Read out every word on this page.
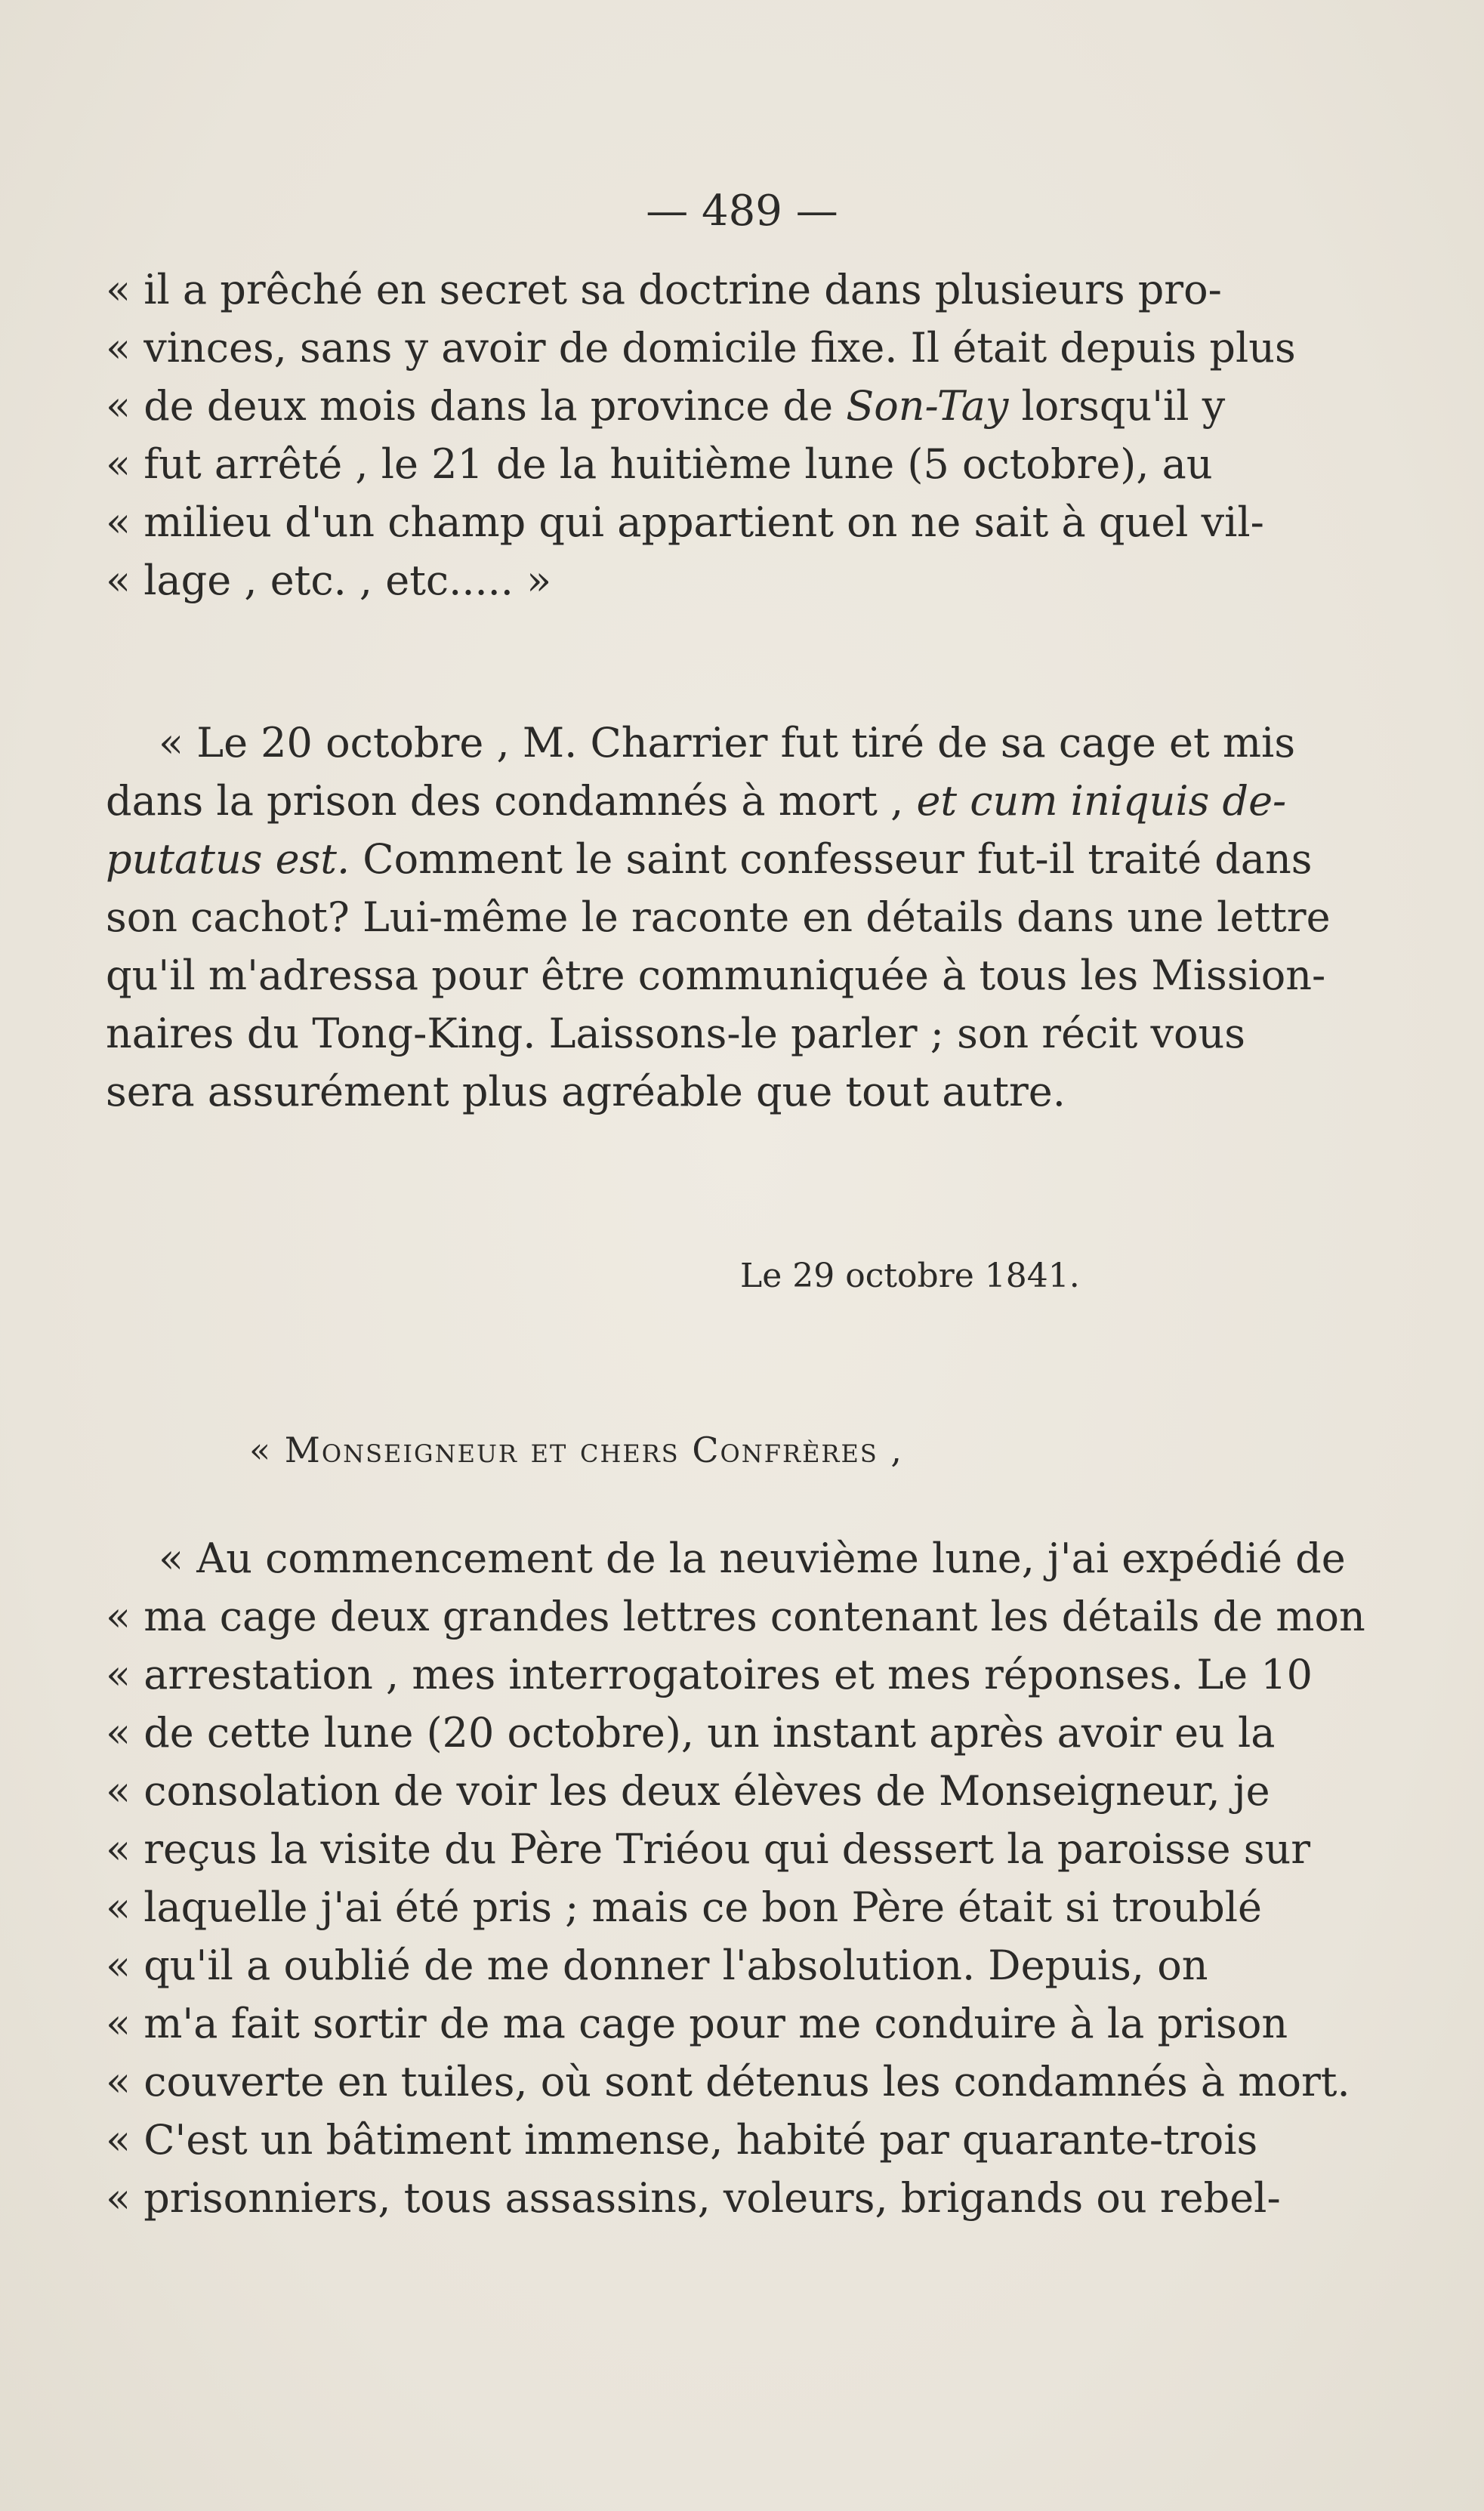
— 489 —
« il a prêché en secret sa doctrine dans plusieurs pro-
« vinces, sans y avoir de domicile fixe. Il était depuis plus
« de deux mois dans la province de Son-Tay lorsqu'il y
« fut arrêté , le 21 de la huitième lune (5 octobre), au
« milieu d'un champ qui appartient on ne sait à quel vil-
« lage , etc. , etc..... »
« Le 20 octobre , M. Charrier fut tiré de sa cage et mis
dans la prison des condamnés à mort , et cum iniquis de-
putatus est. Comment le saint confesseur fut-il traité dans
son cachot? Lui-même le raconte en détails dans une lettre
qu'il m'adressa pour être communiquée à tous les Mission-
naires du Tong-King. Laissons-le parler ; son récit vous
sera assurément plus agréable que tout autre.
Le 29 octobre 1841.
« Monseigneur et chers Confrères ,
« Au commencement de la neuvième lune, j'ai expédié de
« ma cage deux grandes lettres contenant les détails de mon
« arrestation , mes interrogatoires et mes réponses. Le 10
« de cette lune (20 octobre), un instant après avoir eu la
« consolation de voir les deux élèves de Monseigneur, je
« reçus la visite du Père Triéou qui dessert la paroisse sur
« laquelle j'ai été pris ; mais ce bon Père était si troublé
« qu'il a oublié de me donner l'absolution. Depuis, on
« m'a fait sortir de ma cage pour me conduire à la prison
« couverte en tuiles, où sont détenus les condamnés à mort.
« C'est un bâtiment immense, habité par quarante-trois
« prisonniers, tous assassins, voleurs, brigands ou rebel-
